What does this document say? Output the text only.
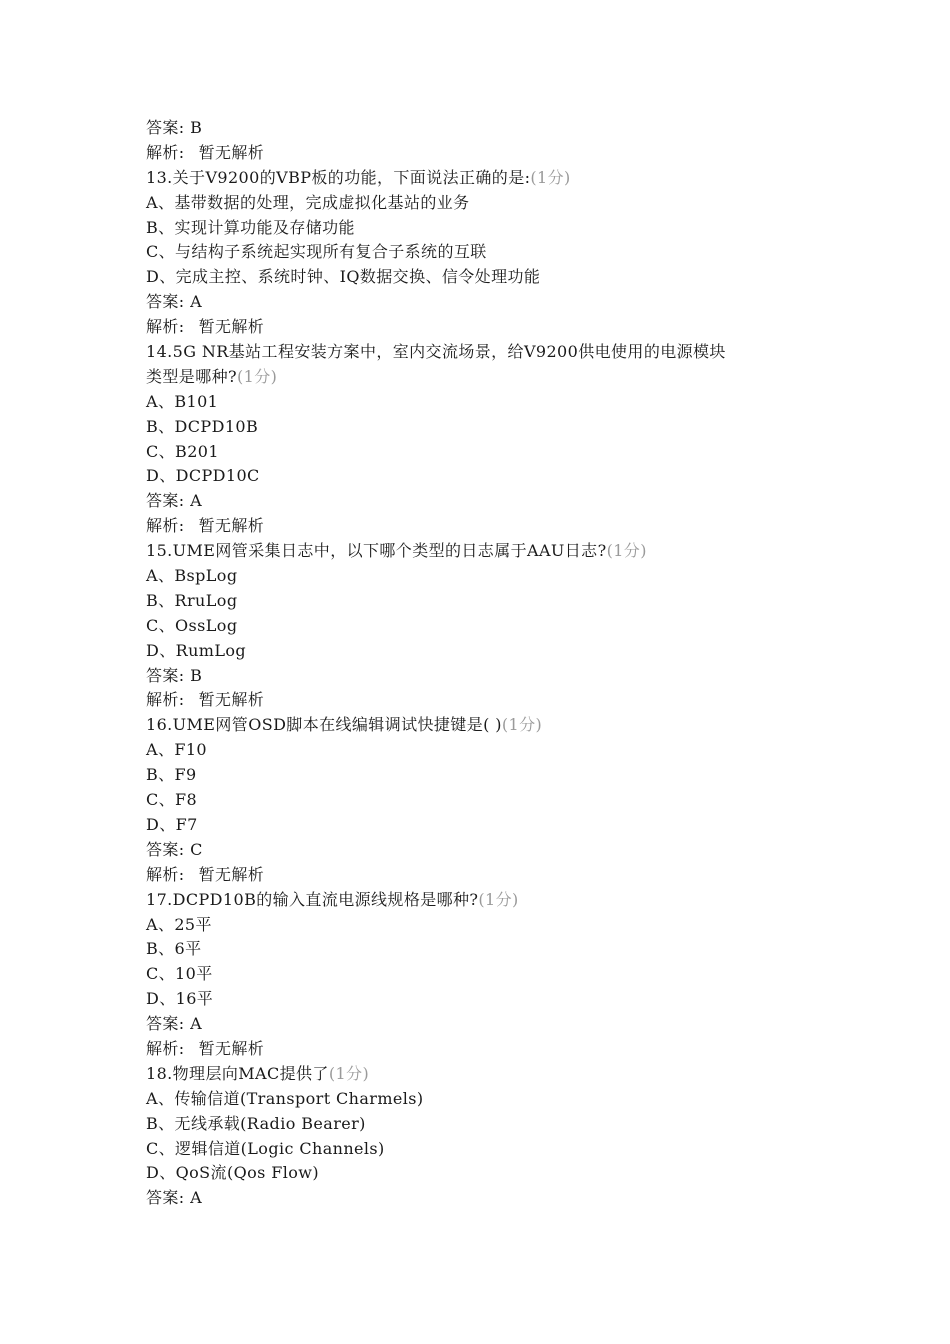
答案: B
解析: 暂无解析
13.关于V9200的VBP板的功能，下面说法正确的是:(1分)
A、基带数据的处理，完成虚拟化基站的业务
B、实现计算功能及存储功能
C、与结构子系统起实现所有复合子系统的互联
D、完成主控、系统时钟、IQ数据交换、信令处理功能
答案: A
解析: 暂无解析
14.5G NR基站工程安装方案中，室内交流场景，给V9200供电使用的电源模块
类型是哪种?(1分)
A、B101
B、DCPD10B
C、B201
D、DCPD10C
答案: A
解析: 暂无解析
15.UME网管采集日志中，以下哪个类型的日志属于AAU日志?(1分)
A、BspLog
B、RruLog
C、OssLog
D、RumLog
答案: B
解析: 暂无解析
16.UME网管OSD脚本在线编辑调试快捷键是( )(1分)
A、F10
B、F9
C、F8
D、F7
答案: C
解析: 暂无解析
17.DCPD10B的输入直流电源线规格是哪种?(1分)
A、25平
B、6平
C、10平
D、16平
答案: A
解析: 暂无解析
18.物理层向MAC提供了(1分)
A、传输信道(Transport Charmels)
B、无线承载(Radio Bearer)
C、逻辑信道(Logic Channels)
D、QoS流(Qos Flow)
答案: A
